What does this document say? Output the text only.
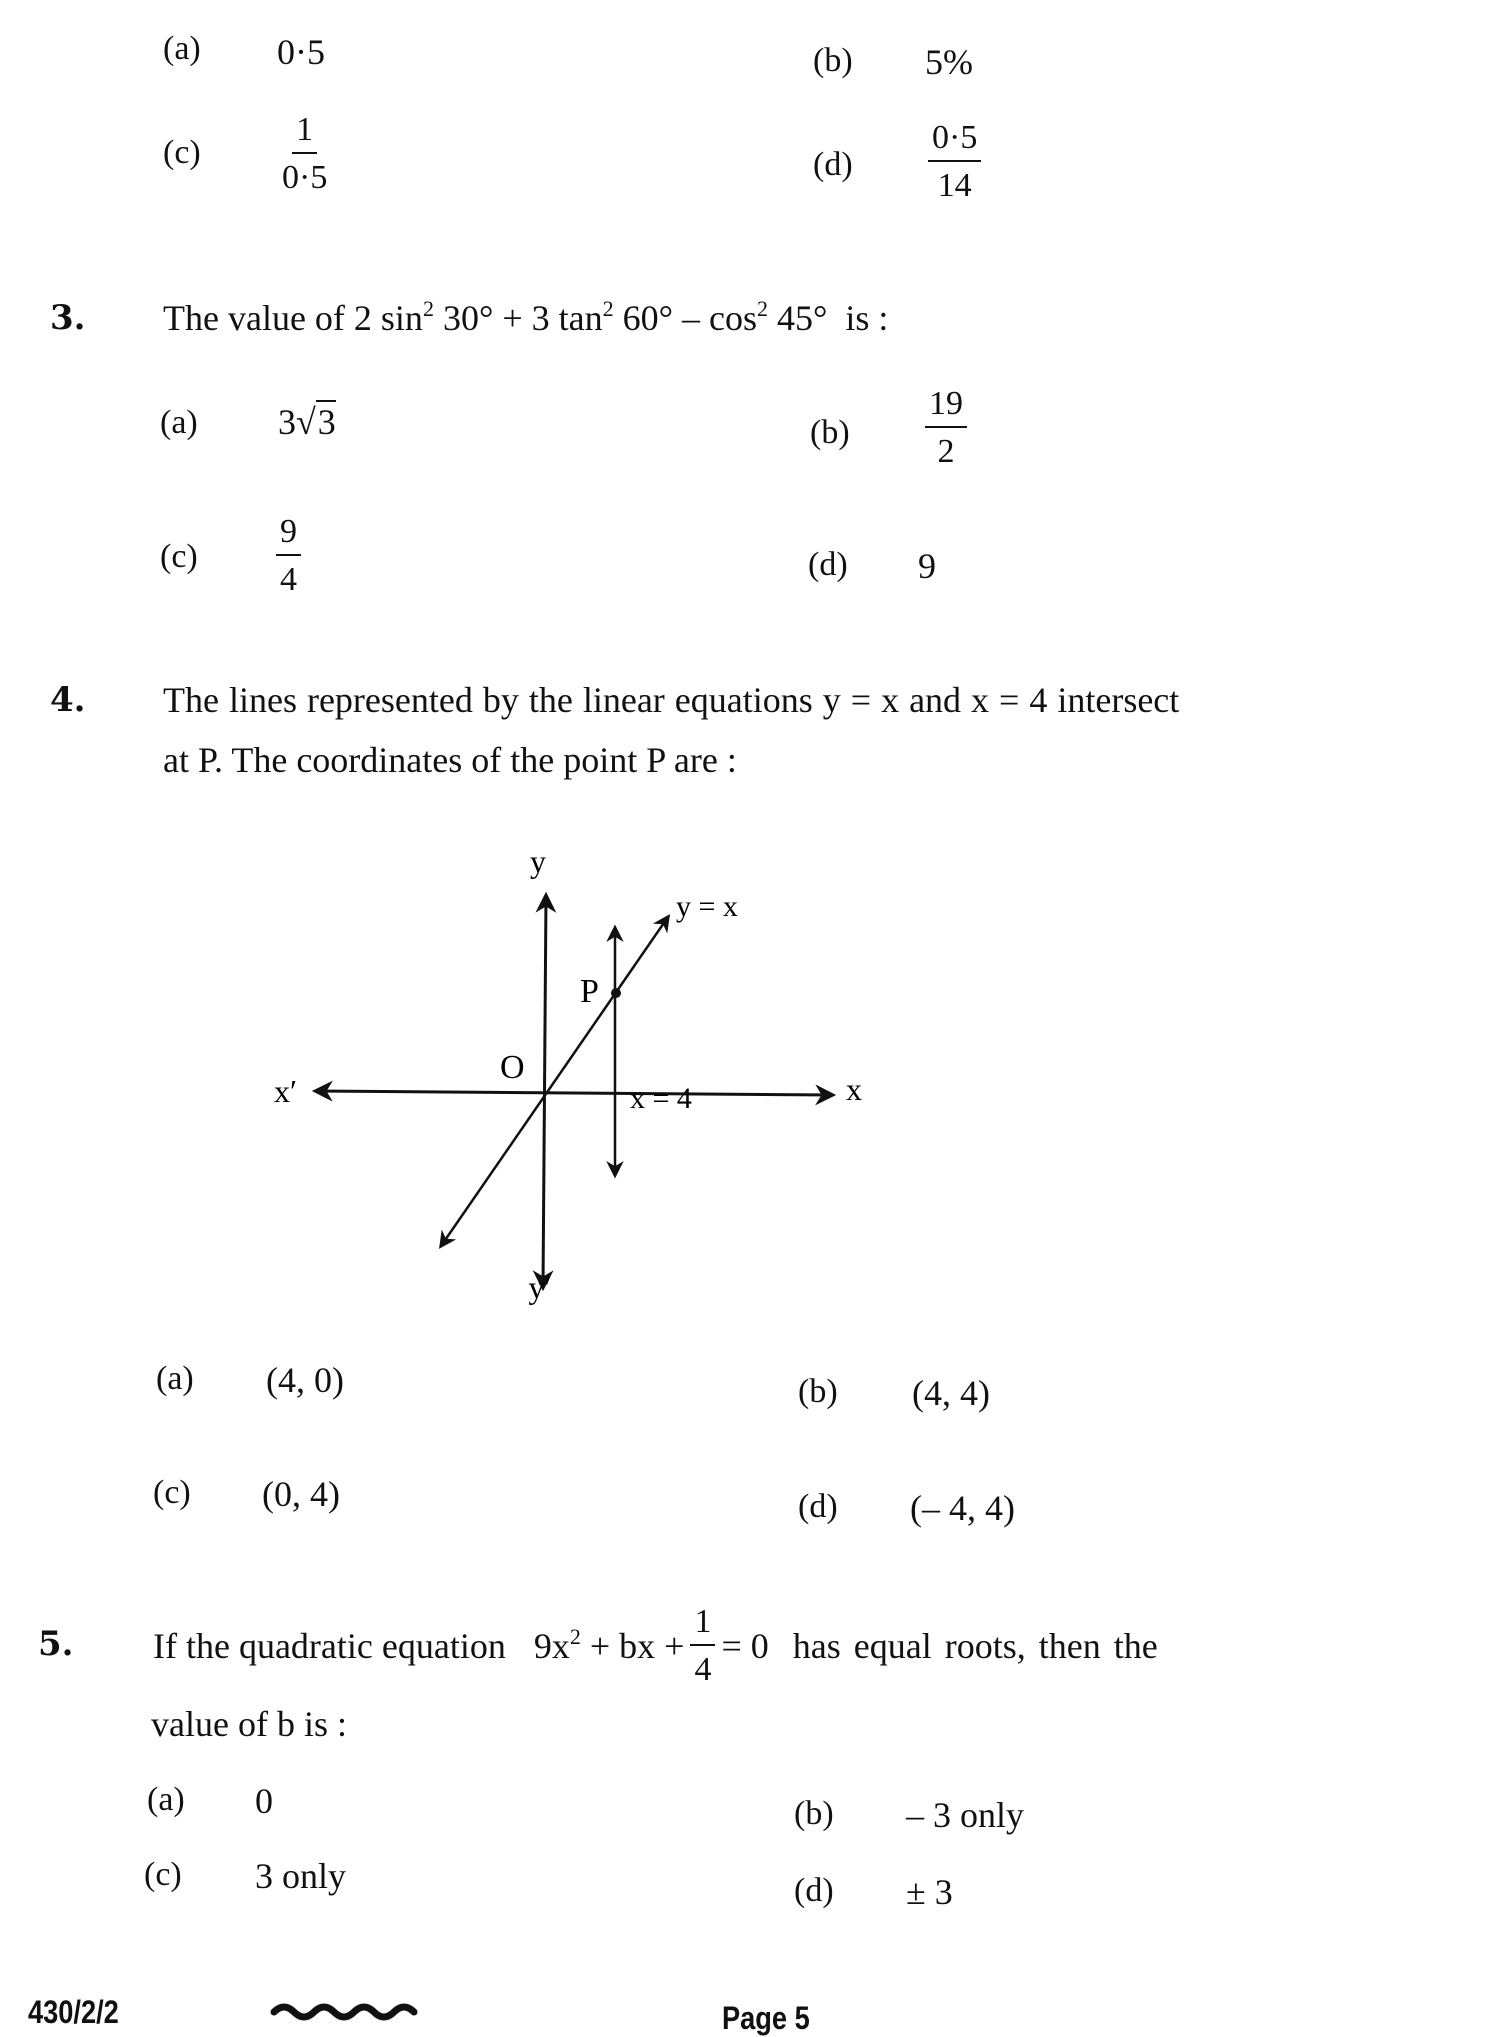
(a) 0·5	(b) 5%
$(c) \frac{1}{0\cdot 5}$	$(d) \frac{0\cdot 5}{14}$
3. The value of 2 $\sin^2 30^\circ + 3$ $\tan^2 60^\circ - \cos^2 45^\circ$ is :
(a) 3√3	$(b) \frac{19}{2}$
$(c) \frac{9}{4}$	(d) 9
4. The lines represented by the linear equations y = x and x = 4 intersect
at P. The coordinates of the point P are :
y
y′
x
x′
O
P
y = x
x = 4
(a) (4, 0)	(b) (4, 4)
(c) (0, 4)	(d) (– 4, 4)
5. If the quadratic equation $9x^2$ + bx + $\frac{1}{4} = 0$ has equal roots, then the
value of b is :
(a) 0	(b) – 3 only
(c) 3 only	(d) ± 3
430/2/2	Page 5
